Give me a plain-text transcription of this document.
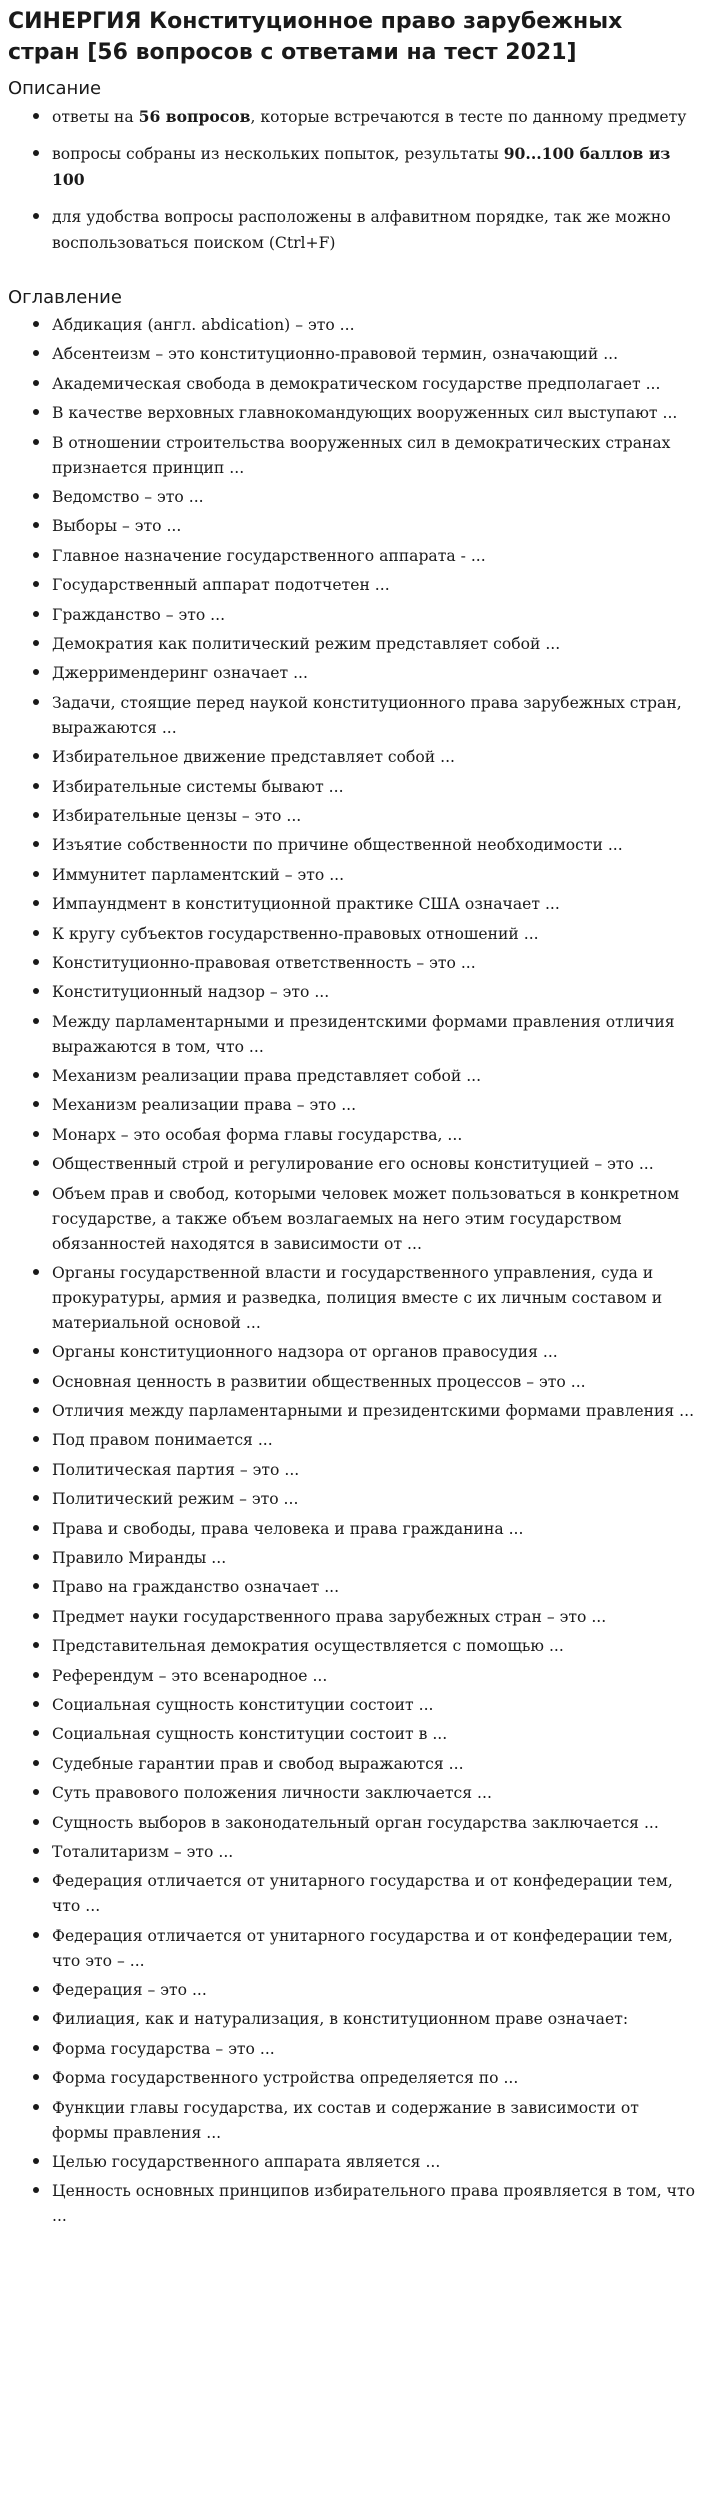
СИНЕРГИЯ Конституционное право зарубежных стран [56 вопросов с ответами на тест 2021]
Описание
• ответы на 56 вопросов, которые встречаются в тесте по данному предмету
• вопросы собраны из нескольких попыток, результаты 90...100 баллов из 100
• для удобства вопросы расположены в алфавитном порядке, так же можно воспользоваться поиском (Ctrl+F)
Оглавление
• Абдикация (англ. abdication) – это ...
• Абсентеизм – это конституционно-правовой термин, означающий ...
• Академическая свобода в демократическом государстве предполагает ...
• В качестве верховных главнокомандующих вооруженных сил выступают ...
• В отношении строительства вооруженных сил в демократических странах признается принцип ...
• Ведомство – это ...
• Выборы – это ...
• Главное назначение государственного аппарата - ...
• Государственный аппарат подотчетен ...
• Гражданство – это ...
• Демократия как политический режим представляет собой ...
• Джерримендеринг означает ...
• Задачи, стоящие перед наукой конституционного права зарубежных стран, выражаются ...
• Избирательное движение представляет собой ...
• Избирательные системы бывают ...
• Избирательные цензы – это ...
• Изъятие собственности по причине общественной необходимости ...
• Иммунитет парламентский – это ...
• Импаундмент в конституционной практике США означает ...
• К кругу субъектов государственно-правовых отношений ...
• Конституционно-правовая ответственность – это ...
• Конституционный надзор – это ...
• Между парламентарными и президентскими формами правления отличия выражаются в том, что ...
• Механизм реализации права представляет собой ...
• Механизм реализации права – это ...
• Монарх – это особая форма главы государства, ...
• Общественный строй и регулирование его основы конституцией – это ...
• Объем прав и свобод, которыми человек может пользоваться в конкретном государстве, а также объем возлагаемых на него этим государством обязанностей находятся в зависимости от ...
• Органы государственной власти и государственного управления, суда и прокуратуры, армия и разведка, полиция вместе с их личным составом и материальной основой ...
• Органы конституционного надзора от органов правосудия ...
• Основная ценность в развитии общественных процессов – это ...
• Отличия между парламентарными и президентскими формами правления ...
• Под правом понимается ...
• Политическая партия – это ...
• Политический режим – это ...
• Права и свободы, права человека и права гражданина ...
• Правило Миранды ...
• Право на гражданство означает ...
• Предмет науки государственного права зарубежных стран – это ...
• Представительная демократия осуществляется с помощью ...
• Референдум – это всенародное ...
• Социальная сущность конституции состоит ...
• Социальная сущность конституции состоит в ...
• Судебные гарантии прав и свобод выражаются ...
• Суть правового положения личности заключается ...
• Сущность выборов в законодательный орган государства заключается ...
• Тоталитаризм – это ...
• Федерация отличается от унитарного государства и от конфедерации тем, что ...
• Федерация отличается от унитарного государства и от конфедерации тем, что это – ...
• Федерация – это ...
• Филиация, как и натурализация, в конституционном праве означает:
• Форма государства – это ...
• Форма государственного устройства определяется по ...
• Функции главы государства, их состав и содержание в зависимости от формы правления ...
• Целью государственного аппарата является ...
• Ценность основных принципов избирательного права проявляется в том, что ...
